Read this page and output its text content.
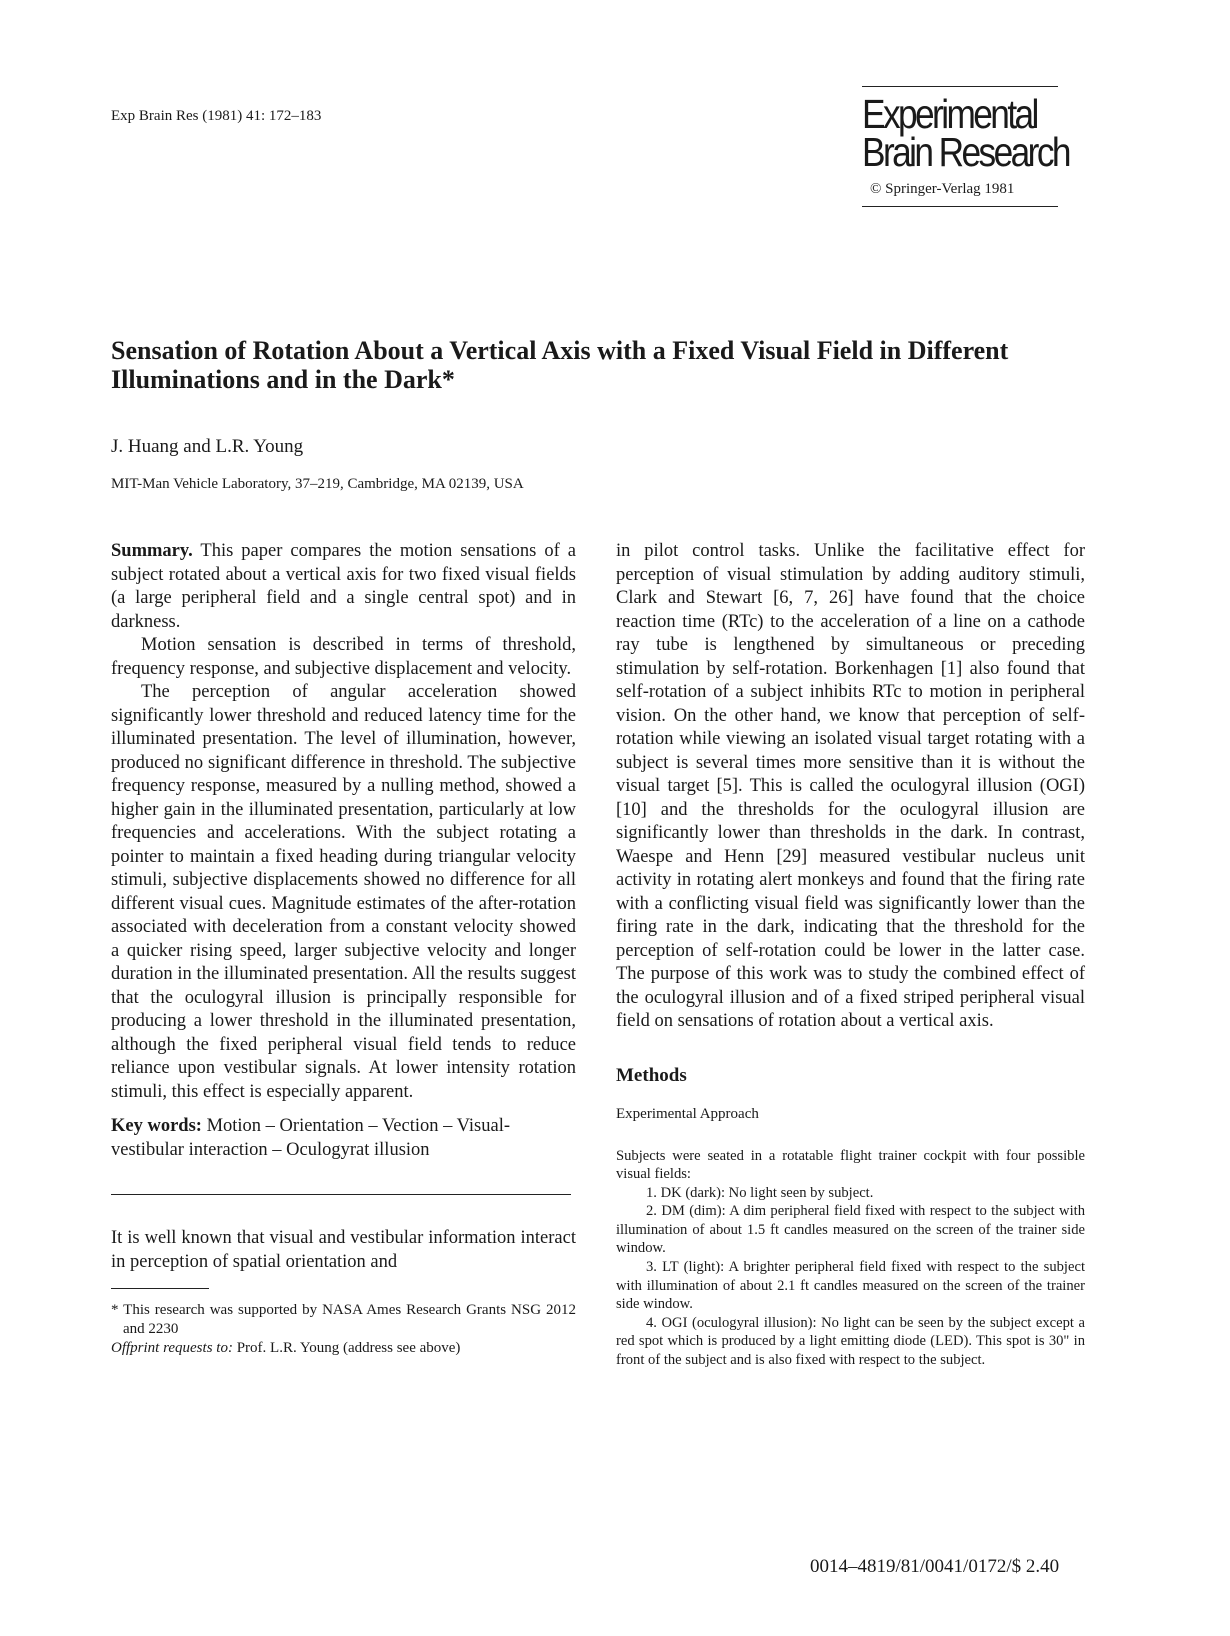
Exp Brain Res (1981) 41: 172–183	Experimental
Brain Research
© Springer-Verlag 1981
Sensation of Rotation About a Vertical Axis with a Fixed Visual Field in Different Illuminations and in the Dark*
J. Huang and L.R. Young
MIT-Man Vehicle Laboratory, 37–219, Cambridge, MA 02139, USA

Summary. This paper compares the motion sensations of a subject rotated about a vertical axis for two fixed visual fields (a large peripheral field and a single central spot) and in darkness.

Motion sensation is described in terms of threshold, frequency response, and subjective displacement and velocity.

The perception of angular acceleration showed significantly lower threshold and reduced latency time for the illuminated presentation. The level of illumination, however, produced no significant difference in threshold. The subjective frequency response, measured by a nulling method, showed a higher gain in the illuminated presentation, particularly at low frequencies and accelerations. With the subject rotating a pointer to maintain a fixed heading during triangular velocity stimuli, subjective displacements showed no difference for all different visual cues. Magnitude estimates of the after-rotation associated with deceleration from a constant velocity showed a quicker rising speed, larger subjective velocity and longer duration in the illuminated presentation. All the results suggest that the oculogyral illusion is principally responsible for producing a lower threshold in the illuminated presentation, although the fixed peripheral visual field tends to reduce reliance upon vestibular signals. At lower intensity rotation stimuli, this effect is especially apparent.

Key words: Motion – Orientation – Vection – Visual-vestibular interaction – Oculogyrat illusion

It is well known that visual and vestibular information interact in perception of spatial orientation and

* This research was supported by NASA Ames Research Grants NSG 2012 and 2230

Offprint requests to: Prof. L.R. Young (address see above)

in pilot control tasks. Unlike the facilitative effect for perception of visual stimulation by adding auditory stimuli, Clark and Stewart [6, 7, 26] have found that the choice reaction time (RTc) to the acceleration of a line on a cathode ray tube is lengthened by simultaneous or preceding stimulation by self-rotation. Borkenhagen [1] also found that self-rotation of a subject inhibits RTc to motion in peripheral vision. On the other hand, we know that perception of self-rotation while viewing an isolated visual target rotating with a subject is several times more sensitive than it is without the visual target [5]. This is called the oculogyral illusion (OGI) [10] and the thresholds for the oculogyral illusion are significantly lower than thresholds in the dark. In contrast, Waespe and Henn [29] measured vestibular nucleus unit activity in rotating alert monkeys and found that the firing rate with a conflicting visual field was significantly lower than the firing rate in the dark, indicating that the threshold for the perception of self-rotation could be lower in the latter case. The purpose of this work was to study the combined effect of the oculogyral illusion and of a fixed striped peripheral visual field on sensations of rotation about a vertical axis.

Methods

Experimental Approach

Subjects were seated in a rotatable flight trainer cockpit with four possible visual fields:

1. DK (dark): No light seen by subject.

2. DM (dim): A dim peripheral field fixed with respect to the subject with illumination of about 1.5 ft candles measured on the screen of the trainer side window.

3. LT (light): A brighter peripheral field fixed with respect to the subject with illumination of about 2.1 ft candles measured on the screen of the trainer side window.

4. OGI (oculogyral illusion): No light can be seen by the subject except a red spot which is produced by a light emitting diode (LED). This spot is 30" in front of the subject and is also fixed with respect to the subject.

0014–4819/81/0041/0172/$ 2.40
